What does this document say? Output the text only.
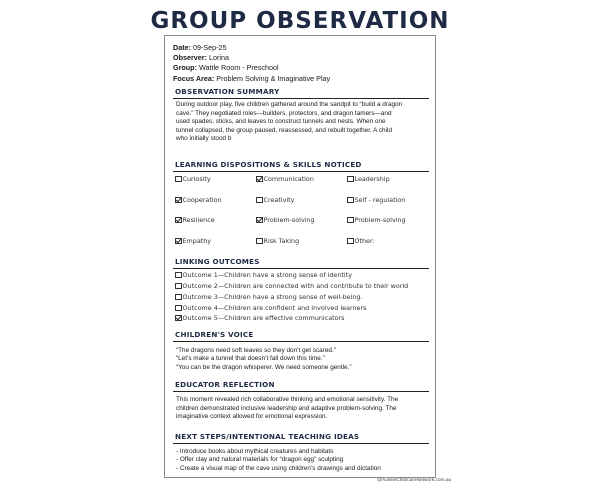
GROUP OBSERVATION
Date: 09-Sep-25
Observer: Lorina
Group: Wattle Room - Preschool
Focus Area: Problem Solving & Imaginative Play
OBSERVATION SUMMARY
During outdoor play, five children gathered around the sandpit to “build a dragon
cave.” They negotiated roles—builders, protectors, and dragon tamers—and
used spades, sticks, and leaves to construct tunnels and nests. When one
tunnel collapsed, the group paused, reassessed, and rebuilt together. A child
who initially stood b
LEARNING DISPOSITIONS & SKILLS NOTICED
Curiosity	Communication	Leadership
Cooperation	Creativity	Self - regulation
Resilience	Problem-solving	Problem-solving
Empathy	Risk Taking	Other:
LINKING OUTCOMES
Outcome 1—Children have a strong sense of identity
Outcome 2—Children are connected with and contribute to their world
Outcome 3—Children have a strong sense of well-being.
Outcome 4—Children are confident and involved learners
Outcome 5—Children are effective communicators
CHILDREN'S VOICE
“The dragons need soft leaves so they don’t get scared.”
“Let’s make a tunnel that doesn’t fall down this time.”
“You can be the dragon whisperer. We need someone gentle.”
EDUCATOR REFLECTION
This moment revealed rich collaborative thinking and emotional sensitivity. The
children demonstrated inclusive leadership and adaptive problem-solving. The
imaginative context allowed for emotional expression.
NEXT STEPS/INTENTIONAL TEACHING IDEAS
- Introduce books about mythical creatures and habitats
- Offer clay and natural materials for “dragon egg” sculpting
- Create a visual map of the cave using children’s drawings and dictation
@AussieChildcareNetwork.com.au
